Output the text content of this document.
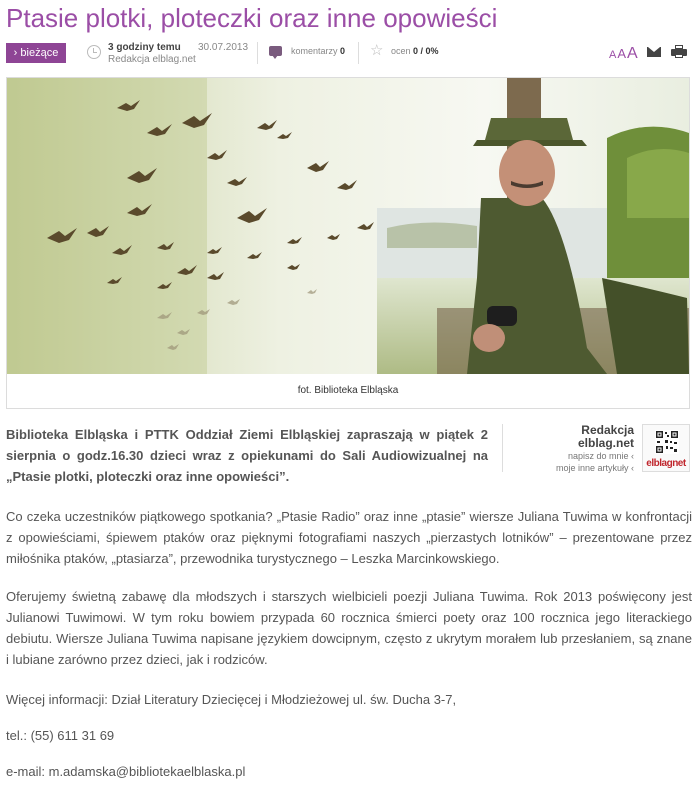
Ptasie plotki, ploteczki oraz inne opowieści
› bieżące	3 godziny temu 30.07.2013
Redakcja elblag.net
komentarzy 0 ☆ ocen 0 / 0%	AAA
fot. Biblioteka Elbląska

Biblioteka Elbląska i PTTK Oddział Ziemi Elbląskiej zapraszają w piątek 2 sierpnia o godz.16.30 dzieci wraz z opiekunami do Sali Audiowizualnej na „Ptasie plotki, ploteczki oraz inne opowieści”.

Redakcja
elblag.net
napisz do mnie ‹
moje inne artykuły ‹	elblagnet

Co czeka uczestników piątkowego spotkania? „Ptasie Radio” oraz inne „ptasie” wiersze Juliana Tuwima w konfrontacji z opowieściami, śpiewem ptaków oraz pięknymi fotografiami naszych „pierzastych lotników” – prezentowane przez miłośnika ptaków, „ptasiarza”, przewodnika turystycznego – Leszka Marcinkowskiego.

Oferujemy świetną zabawę dla młodszych i starszych wielbicieli poezji Juliana Tuwima. Rok 2013 poświęcony jest Julianowi Tuwimowi. W tym roku bowiem przypada 60 rocznica śmierci poety oraz 100 rocznica jego literackiego debiutu. Wiersze Juliana Tuwima napisane językiem dowcipnym, często z ukrytym morałem lub przesłaniem, są znane i lubiane zarówno przez dzieci, jak i rodziców.

Więcej informacji: Dział Literatury Dziecięcej i Młodzieżowej ul. św. Ducha 3-7,

tel.: (55) 611 31 69

e-mail: m.adamska@bibliotekaelblaska.pl
